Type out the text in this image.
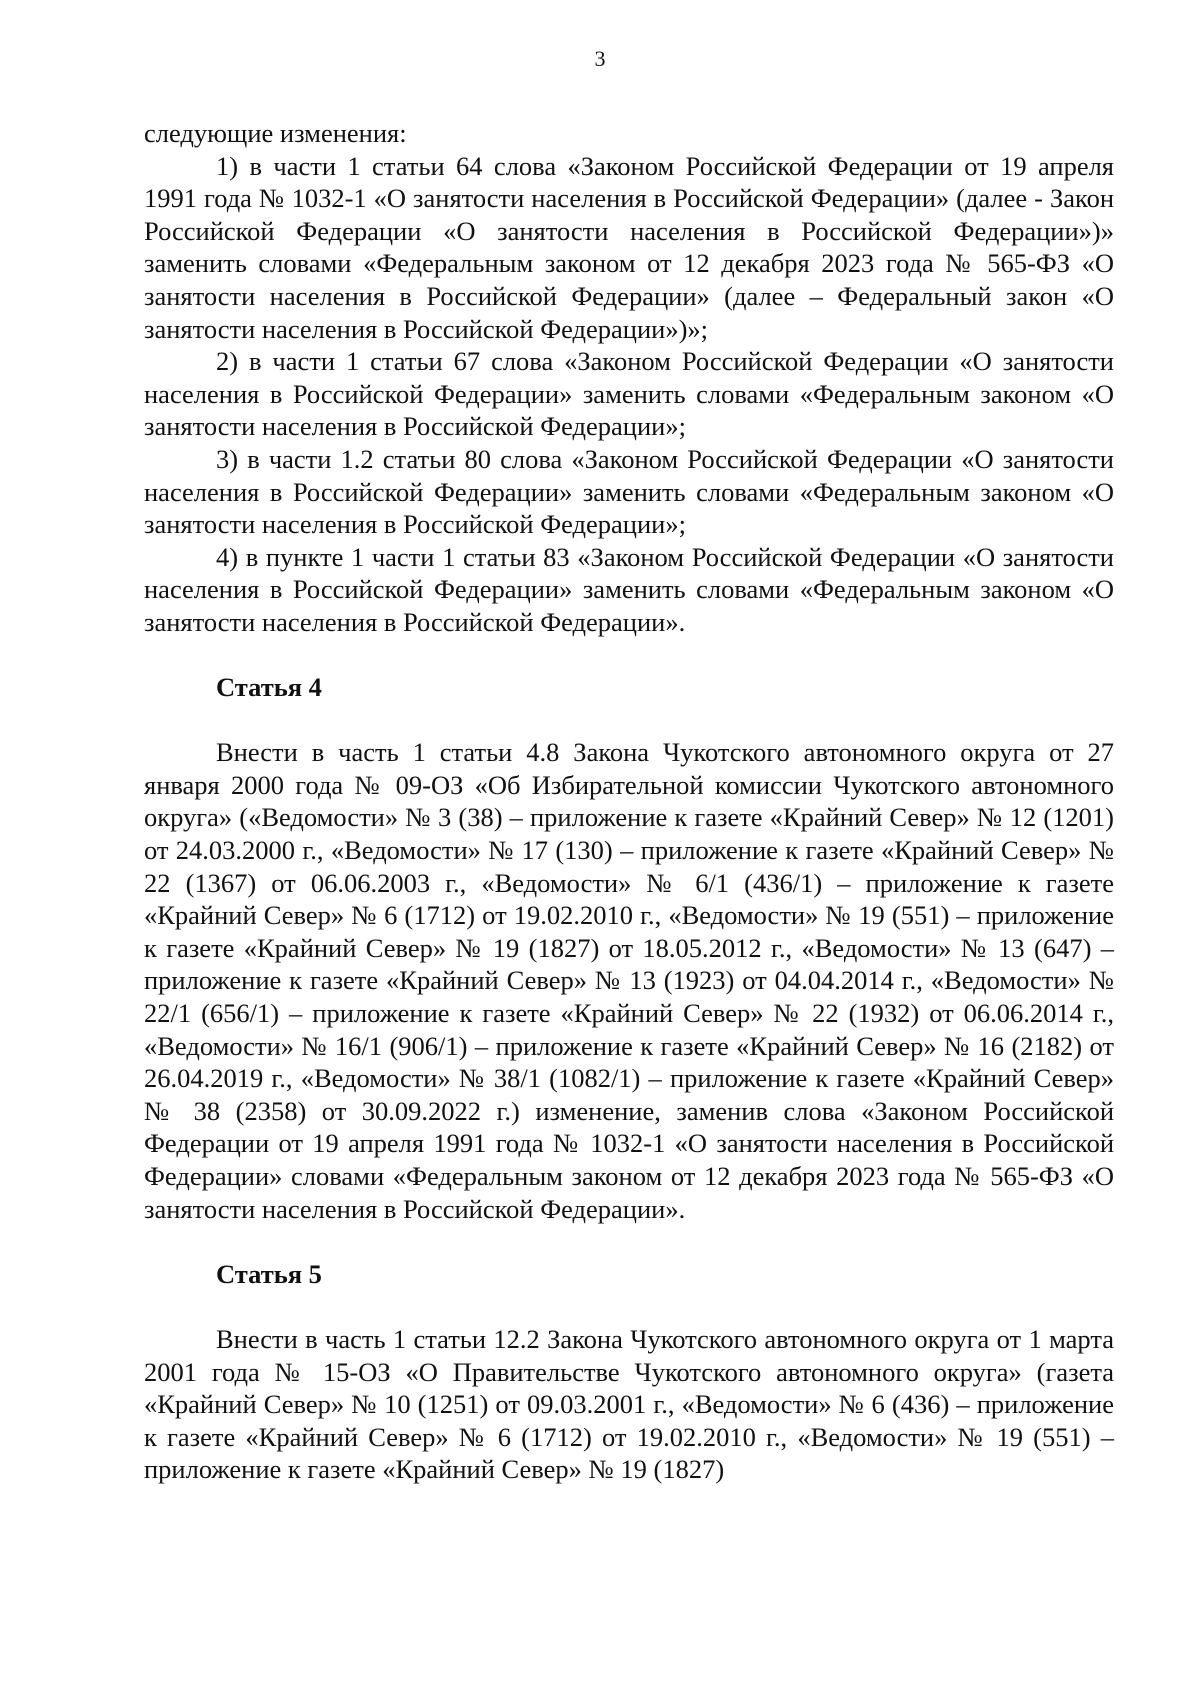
3

следующие изменения:

1) в части 1 статьи 64 слова «Законом Российской Федерации от 19 апреля 1991 года № 1032-1 «О занятости населения в Российской Федерации» (далее - Закон Российской Федерации «О занятости населения в Российской Федерации»)» заменить словами «Федеральным законом от 12 декабря 2023 года № 565-ФЗ «О занятости населения в Российской Федерации» (далее – Федеральный закон «О занятости населения в Российской Федерации»)»;

2) в части 1 статьи 67 слова «Законом Российской Федерации «О занятости населения в Российской Федерации» заменить словами «Федеральным законом «О занятости населения в Российской Федерации»;

3) в части 1.2 статьи 80 слова «Законом Российской Федерации «О занятости населения в Российской Федерации» заменить словами «Федеральным законом «О занятости населения в Российской Федерации»;

4) в пункте 1 части 1 статьи 83 «Законом Российской Федерации «О занятости населения в Российской Федерации» заменить словами «Федеральным законом «О занятости населения в Российской Федерации».

Статья 4

Внести в часть 1 статьи 4.8 Закона Чукотского автономного округа от 27 января 2000 года № 09-ОЗ «Об Избирательной комиссии Чукотского автономного округа» («Ведомости» № 3 (38) – приложение к газете «Крайний Север» № 12 (1201) от 24.03.2000 г., «Ведомости» № 17 (130) – приложение к газете «Крайний Север» № 22 (1367) от 06.06.2003 г., «Ведомости» № 6/1 (436/1) – приложение к газете «Крайний Север» № 6 (1712) от 19.02.2010 г., «Ведомости» № 19 (551) – приложение к газете «Крайний Север» № 19 (1827) от 18.05.2012 г., «Ведомости» № 13 (647) – приложение к газете «Крайний Север» № 13 (1923) от 04.04.2014 г., «Ведомости» № 22/1 (656/1) – приложение к газете «Крайний Север» № 22 (1932) от 06.06.2014 г., «Ведомости» № 16/1 (906/1) – приложение к газете «Крайний Север» № 16 (2182) от 26.04.2019 г., «Ведомости» № 38/1 (1082/1) – приложение к газете «Крайний Север» № 38 (2358) от 30.09.2022 г.) изменение, заменив слова «Законом Российской Федерации от 19 апреля 1991 года № 1032-1 «О занятости населения в Российской Федерации» словами «Федеральным законом от 12 декабря 2023 года № 565-ФЗ «О занятости населения в Российской Федерации».

Статья 5

Внести в часть 1 статьи 12.2 Закона Чукотского автономного округа от 1 марта 2001 года № 15-ОЗ «О Правительстве Чукотского автономного округа» (газета «Крайний Север» № 10 (1251) от 09.03.2001 г., «Ведомости» № 6 (436) – приложение к газете «Крайний Север» № 6 (1712) от 19.02.2010 г., «Ведомости» № 19 (551) – приложение к газете «Крайний Север» № 19 (1827)
